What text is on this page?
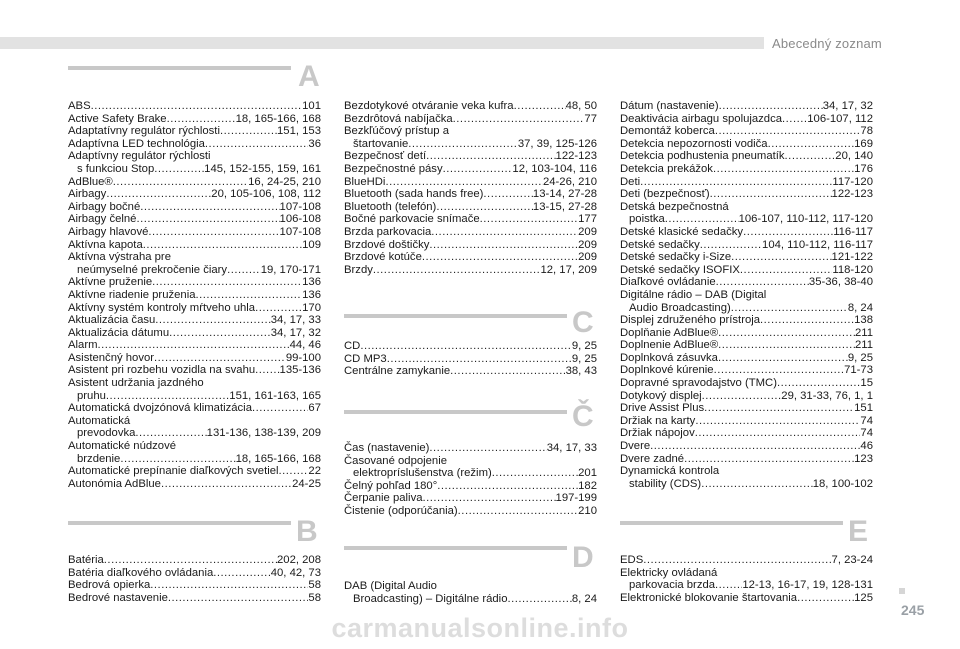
Abecedný zoznam
A
ABS .....	101
Active Safety Brake .....	18, 165-166, 168
Adaptatívny regulátor rýchlosti .....	151, 153
Adaptívna LED technológia .....	36
Adaptívny regulátor rýchlosti
s funkciou Stop .....	145, 152-155, 159, 161
AdBlue® .....	16, 24-25, 210
Airbagy .....	20, 105-106, 108, 112
Airbagy bočné .....	107-108
Airbagy čelné .....	106-108
Airbagy hlavové .....	107-108
Aktívna kapota .....	109
Aktívna výstraha pre
neúmyselné prekročenie čiary .....	19, 170-171
Aktívne pruženie .....	136
Aktívne riadenie pruženia .....	136
Aktívny systém kontroly mŕtveho uhla .....	170
Aktualizácia času .....	34, 17, 33
Aktualizácia dátumu .....	34, 17, 32
Alarm .....	44, 46
Asistenčný hovor .....	99-100
Asistent pri rozbehu vozidla na svahu ..... 135-136
Asistent udržania jazdného
pruhu .....	151, 161-163, 165
Automatická dvojzónová klimatizácia .....	67
Automatická
prevodovka .....	131-136, 138-139, 209
Automatické núdzové
brzdenie .....	18, 165-166, 168
Automatické prepínanie diaľkových svetiel .....	22
Autonómia AdBlue .....	24-25
B
Batéria .....	202, 208
Batéria diaľkového ovládania .....	40, 42, 73
Bedrová opierka .....	58
Bedrové nastavenie .....	58
Bezdotykové otváranie veka kufra .....	48, 50
Bezdrôtová nabíjačka .....	77
Bezkľúčový prístup a
štartovanie .....	37, 39, 125-126
Bezpečnosť detí .....	122-123
Bezpečnostné pásy .....	12, 103-104, 116
BlueHDi .....	24-26, 210
Bluetooth (sada hands free) .....	13-14, 27-28
Bluetooth (telefón) .....	13-15, 27-28
Bočné parkovacie snímače .....	177
Brzda parkovacia .....	209
Brzdové doštičky .....	209
Brzdové kotúče .....	209
Brzdy .....	12, 17, 209
C
CD .....	9, 25
CD MP3 .....	9, 25
Centrálne zamykanie .....	38, 43
Č
Čas (nastavenie) .....	34, 17, 33
Časované odpojenie
elektropríslušenstva (režim) .....	201
Čelný pohľad 180° .....	182
Čerpanie paliva .....	197-199
Čistenie (odporúčania) .....	210
D
DAB (Digital Audio
Broadcasting) – Digitálne rádio .....	8, 24
Dátum (nastavenie) .....	34, 17, 32
Deaktivácia airbagu spolujazdca ..... 106-107, 112
Demontáž koberca .....	78
Detekcia nepozornosti vodiča .....	169
Detekcia podhustenia pneumatík .....	20, 140
Detekcia prekážok .....	176
Deti .....	117-120
Deti (bezpečnosť) .....	122-123
Detská bezpečnostná
poistka .....	106-107, 110-112, 117-120
Detské klasické sedačky .....	116-117
Detské sedačky .....	104, 110-112, 116-117
Detské sedačky i-Size .....	121-122
Detské sedačky ISOFIX .....	118-120
Diaľkové ovládanie .....	35-36, 38-40
Digitálne rádio – DAB (Digital
Audio Broadcasting) .....	8, 24
Displej združeného prístroja .....	138
Doplňanie AdBlue® .....	211
Doplnenie AdBlue® .....	211
Doplnková zásuvka .....	9, 25
Doplnkové kúrenie .....	71-73
Dopravné spravodajstvo (TMC) .....	15
Dotykový displej .....	29, 31-33, 76, 1, 1
Drive Assist Plus .....	151
Držiak na karty .....	74
Držiak nápojov .....	74
Dvere .....	46
Dvere zadné .....	123
Dynamická kontrola
stability (CDS) .....	18, 100-102
E
EDS .....	7, 23-24
Elektricky ovládaná
parkovacia brzda ..... 12-13, 16-17, 19, 128-131
Elektronické blokovanie štartovania .....	125
245
carmanualsonline.info
